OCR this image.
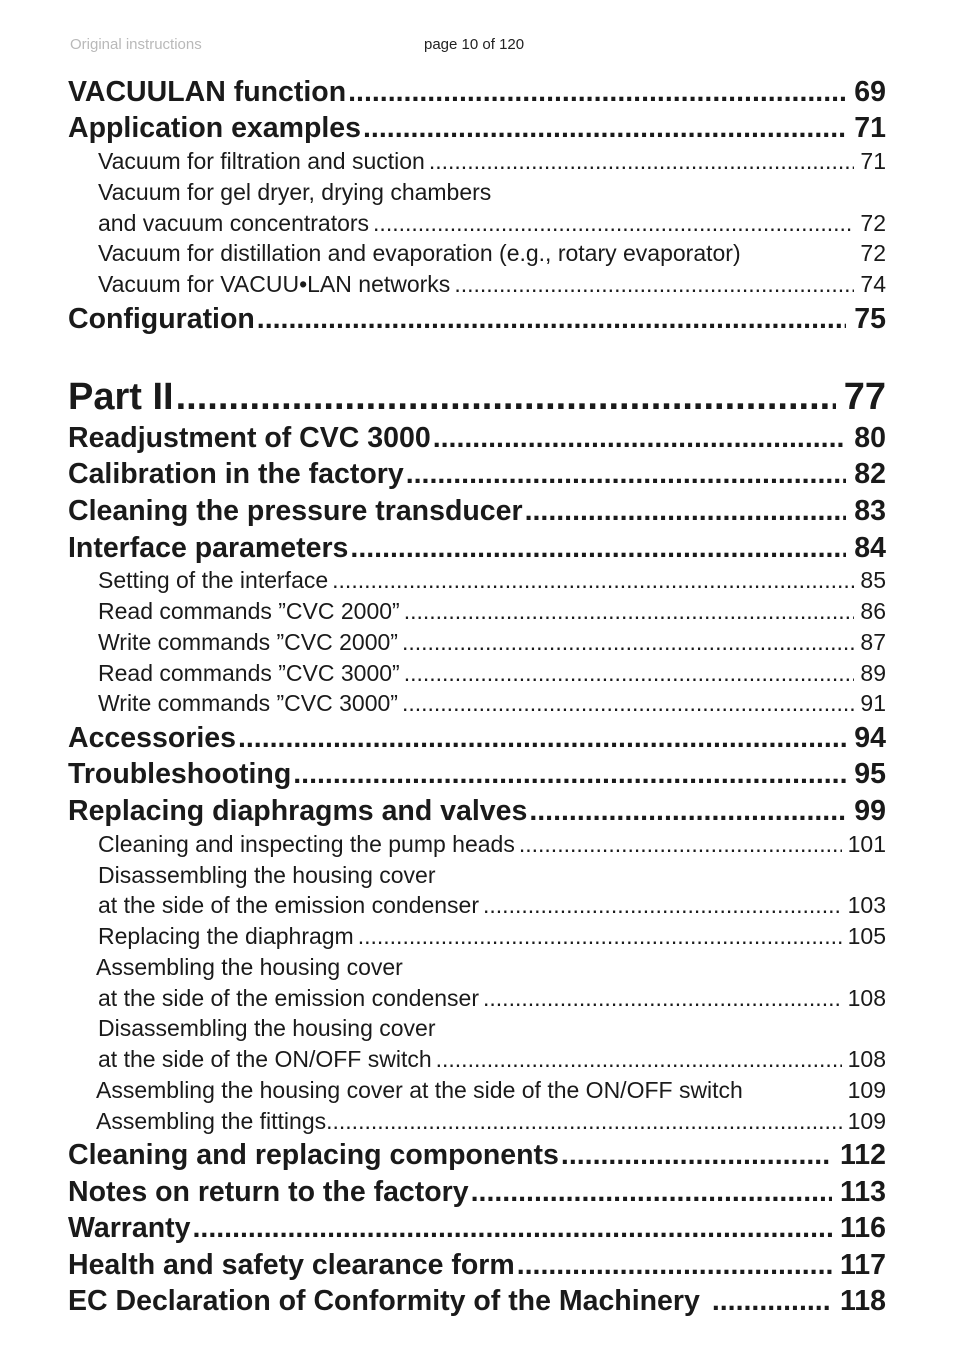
Original instructions	page 10 of 120
VACUULAN function .....	69
Application examples .....	71
Vacuum for filtration and suction .....	71
Vacuum for gel dryer, drying chambers
and vacuum concentrators .....	72
Vacuum for distillation and evaporation (e.g., rotary evaporator)	72
Vacuum for VACUU•LAN networks .....	74
Configuration .....	75
Part II .....	77
Readjustment of CVC 3000 .....	80
Calibration in the factory .....	82
Cleaning the pressure transducer .....	83
Interface parameters .....	84
Setting of the interface .....	85
Read commands ”CVC 2000” .....	86
Write commands ”CVC 2000” .....	87
Read commands ”CVC 3000” .....	89
Write commands ”CVC 3000” .....	91
Accessories .....	94
Troubleshooting .....	95
Replacing diaphragms and valves .....	99
Cleaning and inspecting the pump heads .....	101
Disassembling the housing cover
at the side of the emission condenser .....	103
Replacing the diaphragm .....	105
Assembling the housing cover
at the side of the emission condenser .....	108
Disassembling the housing cover
at the side of the ON/OFF switch .....	108
Assembling the housing cover at the side of the ON/OFF switch	109
Assembling the fittings .....	109
Cleaning and replacing components .....	112
Notes on return to the factory .....	113
Warranty .....	116
Health and safety clearance form .....	117
EC Declaration of Conformity of the Machinery .....	118
